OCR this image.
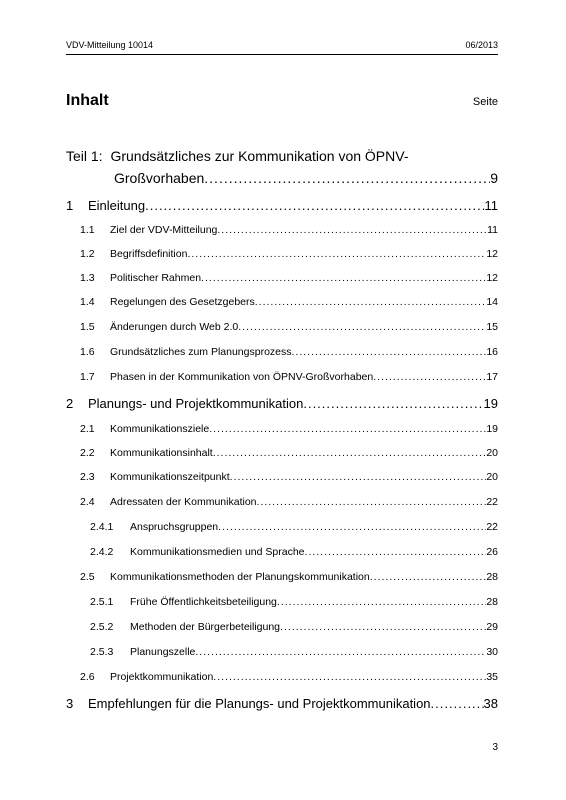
VDV-Mitteilung 10014	06/2013
Inhalt	Seite
Teil 1: Grundsätzliches zur Kommunikation von ÖPNV-
Großvorhaben .....	9
1	Einleitung .....	11
1.1	Ziel der VDV-Mitteilung .....	11
1.2	Begriffsdefinition .....	12
1.3	Politischer Rahmen .....	12
1.4	Regelungen des Gesetzgebers .....	14
1.5	Änderungen durch Web 2.0 .....	15
1.6	Grundsätzliches zum Planungsprozess .....	16
1.7	Phasen in der Kommunikation von ÖPNV-Großvorhaben .....	17
2	Planungs- und Projektkommunikation .....	19
2.1	Kommunikationsziele .....	19
2.2	Kommunikationsinhalt .....	20
2.3	Kommunikationszeitpunkt .....	20
2.4	Adressaten der Kommunikation .....	22
2.4.1	Anspruchsgruppen .....	22
2.4.2	Kommunikationsmedien und Sprache .....	26
2.5	Kommunikationsmethoden der Planungskommunikation .....	28
2.5.1	Frühe Öffentlichkeitsbeteiligung .....	28
2.5.2	Methoden der Bürgerbeteiligung .....	29
2.5.3	Planungszelle .....	30
2.6	Projektkommunikation .....	35
3	Empfehlungen für die Planungs- und Projektkommunikation .....	38
3
